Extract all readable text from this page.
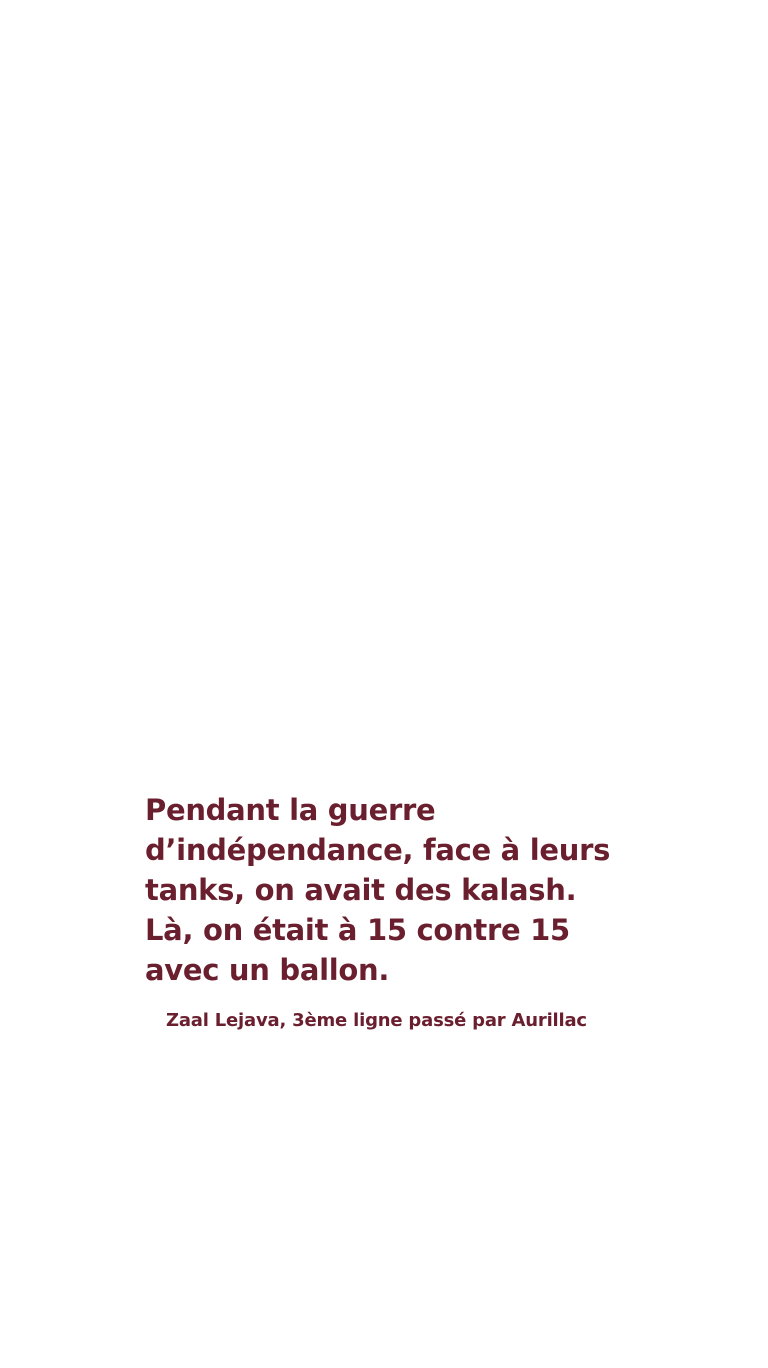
Pendant la guerre
d’indépendance, face à leurs
tanks, on avait des kalash.
Là, on était à 15 contre 15
avec un ballon.
Zaal Lejava, 3ème ligne passé par Aurillac
